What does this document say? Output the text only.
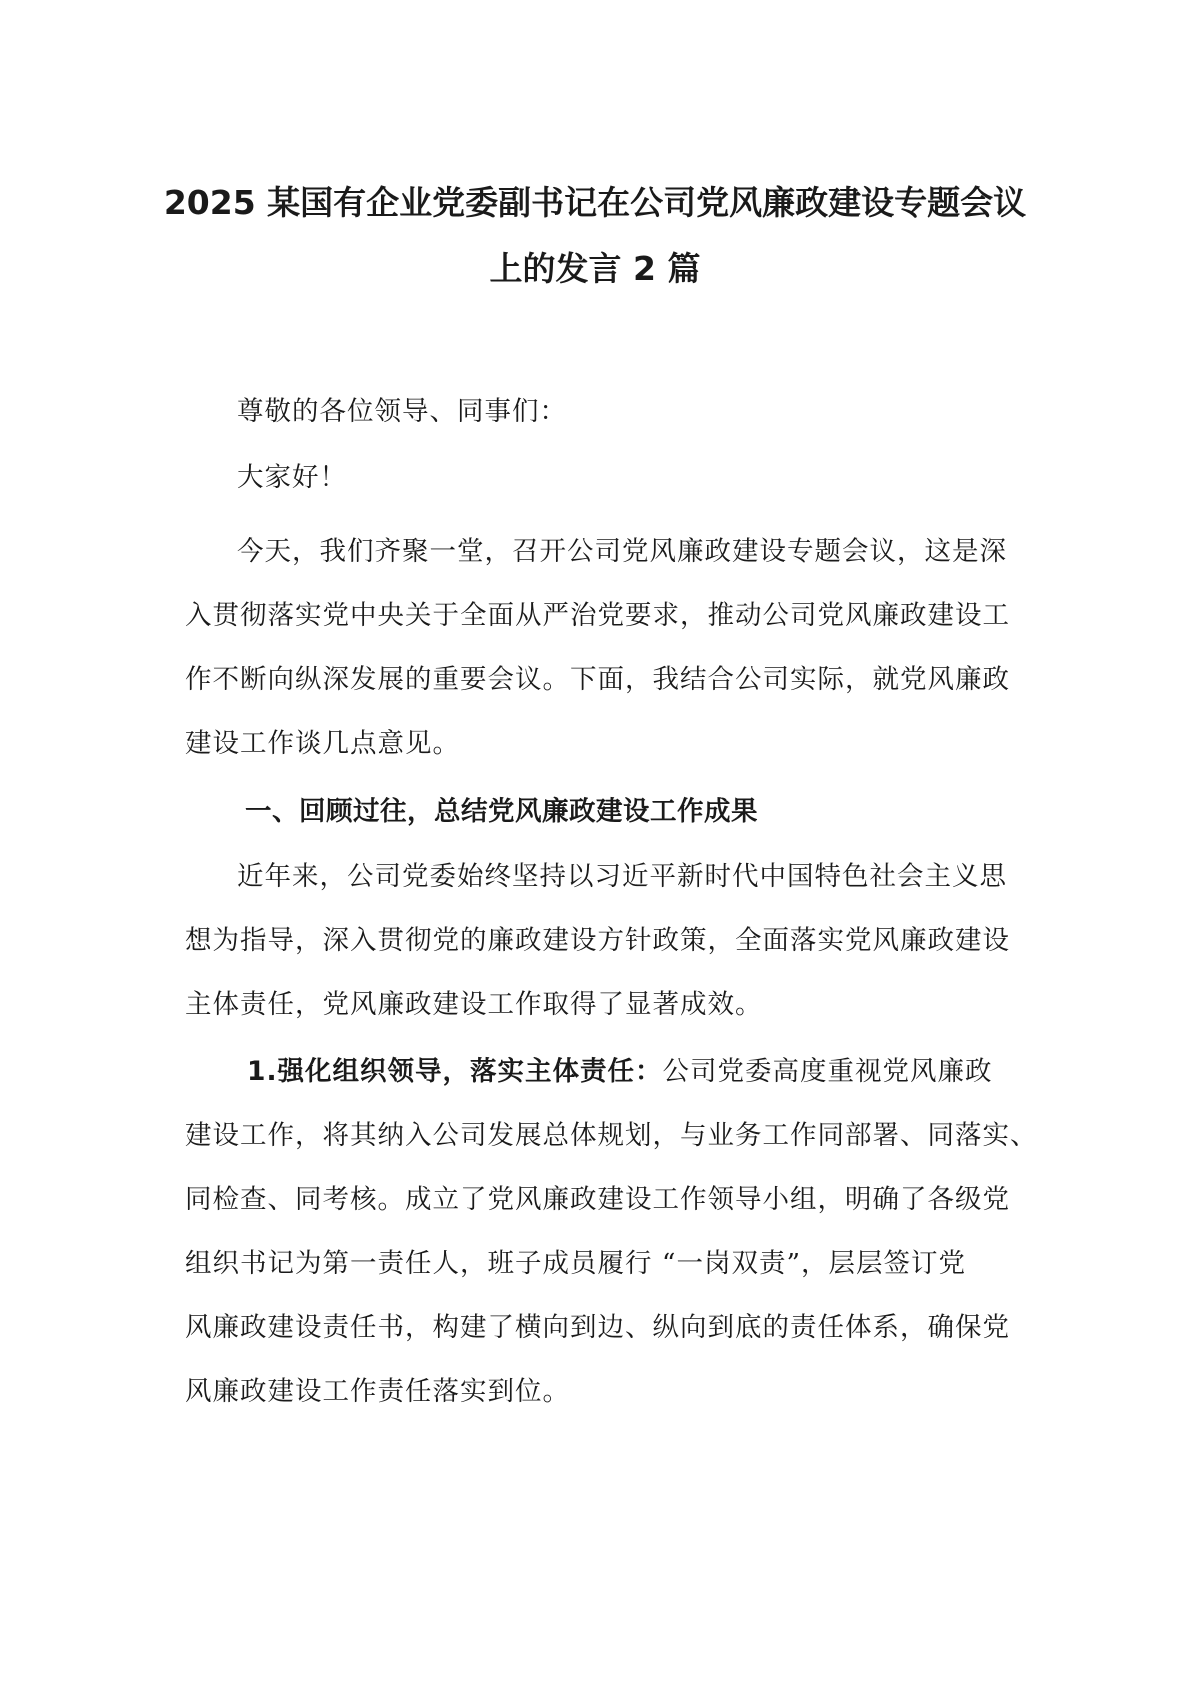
2025 某国有企业党委副书记在公司党风廉政建设专题会议
上的发言 2 篇

尊敬的各位领导、同事们：

大家好！

今天，我们齐聚一堂，召开公司党风廉政建设专题会议，这是深
入贯彻落实党中央关于全面从严治党要求，推动公司党风廉政建设工
作不断向纵深发展的重要会议。下面，我结合公司实际，就党风廉政
建设工作谈几点意见。

一、回顾过往，总结党风廉政建设工作成果

近年来，公司党委始终坚持以习近平新时代中国特色社会主义思
想为指导，深入贯彻党的廉政建设方针政策，全面落实党风廉政建设
主体责任，党风廉政建设工作取得了显著成效。

1.强化组织领导，落实主体责任：公司党委高度重视党风廉政
建设工作，将其纳入公司发展总体规划，与业务工作同部署、同落实、
同检查、同考核。成立了党风廉政建设工作领导小组，明确了各级党
组织书记为第一责任人，班子成员履行 “一岗双责”，层层签订党
风廉政建设责任书，构建了横向到边、纵向到底的责任体系，确保党
风廉政建设工作责任落实到位。
